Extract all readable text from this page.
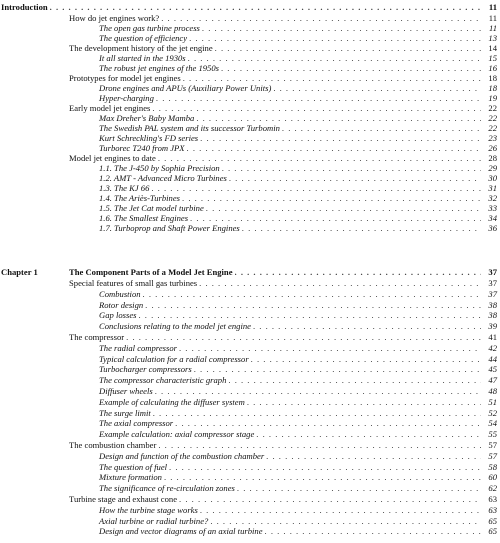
Introduction . . .	11
How do jet engines work? . . .	11
The open gas turbine process . . .	11
The question of efficiency . . .	13
The development history of the jet engine . . .	14
It all started in the 1930s . . .	15
The robust jet engines of the 1950s . . .	16
Prototypes for model jet engines . . .	18
Drone engines and APUs (Auxiliary Power Units) . . .	18
Hyper-charging . . .	19
Early model jet engines . . .	22
Max Dreher's Baby Mamba . . .	22
The Swedish PAL system and its successor Turbomin . . .	22
Kurt Schreckling's FD series . . .	23
Turborec T240 from JPX . . .	26
Model jet engines to date . . .	28
1.1. The J-450 by Sophia Precision . . .	29
1.2. AMT - Advanced Micro Turbines . . .	30
1.3. The KJ 66 . . .	31
1.4. The Ariès-Turbines . . .	32
1.5. The Jet Cat model turbine . . .	33
1.6. The Smallest Engines . . .	34
1.7. Turboprop and Shaft Power Engines . . .	36
Chapter 1	The Component Parts of a Model Jet Engine . . .	37
Special features of small gas turbines . . .	37
Combustion . . .	37
Rotor design . . .	38
Gap losses . . .	38
Conclusions relating to the model jet engine . . .	39
The compressor . . .	41
The radial compressor . . .	42
Typical calculation for a radial compressor . . .	44
Turbocharger compressors . . .	45
The compressor characteristic graph . . .	47
Diffuser wheels . . .	48
Example of calculating the diffuser system . . .	51
The surge limit . . .	52
The axial compressor . . .	54
Example calculation: axial compressor stage . . .	55
The combustion chamber . . .	57
Design and function of the combustion chamber . . .	57
The question of fuel . . .	58
Mixture formation . . .	60
The significance of re-circulation zones . . .	62
Turbine stage and exhaust cone . . .	63
How the turbine stage works . . .	63
Axial turbine or radial turbine? . . .	65
Design and vector diagrams of an axial turbine . . .	65
